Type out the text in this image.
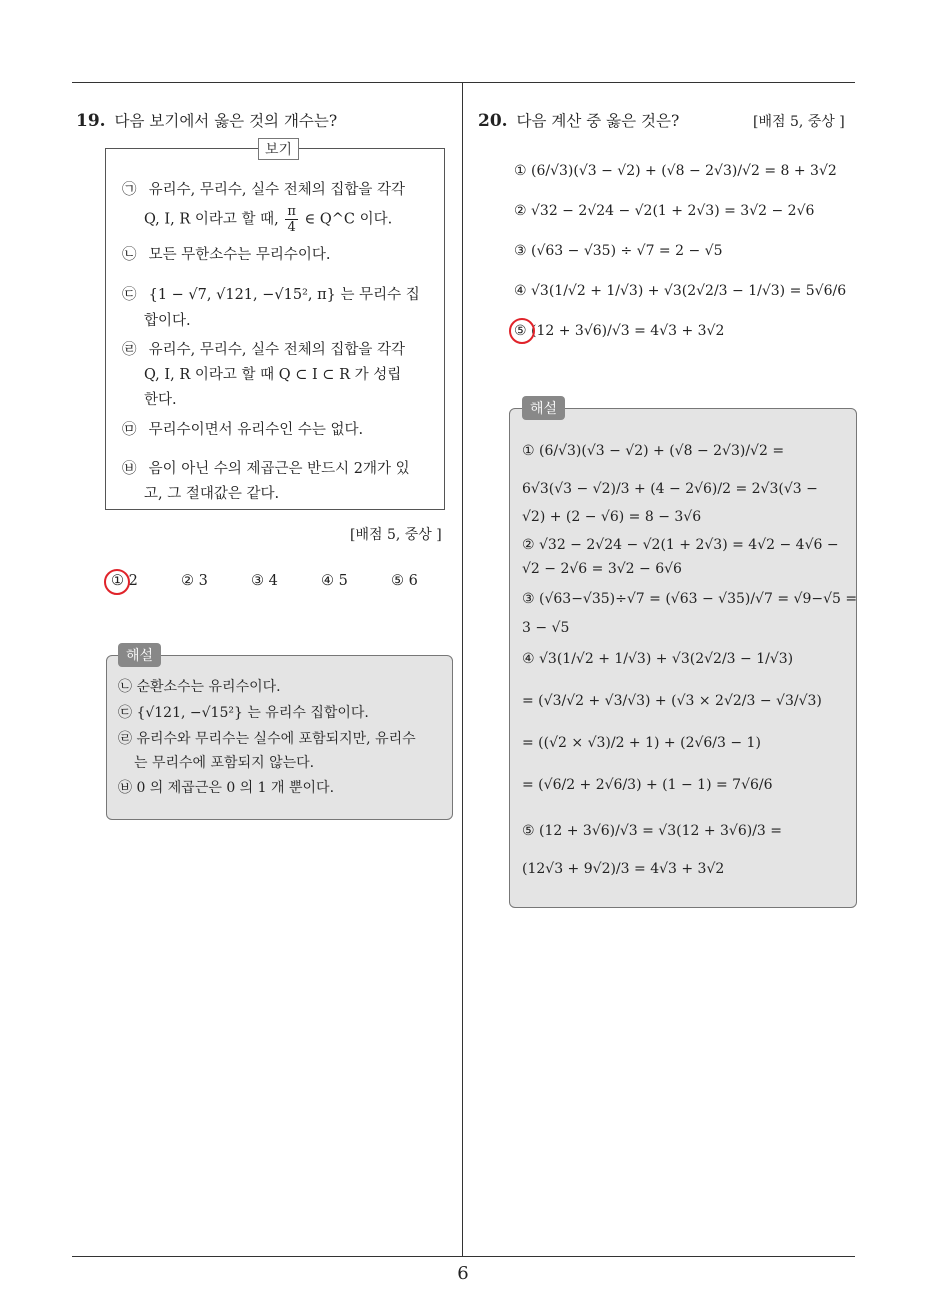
19. 다음 보기에서 옳은 것의 개수는?
보기
㉠ 유리수, 무리수, 실수 전체의 집합을 각각
Q, I, R 이라고 할 때, $\frac{\pi}{4}$ ∈ Q^C 이다.
㉡ 모든 무한소수는 무리수이다.
㉢ {1 − √7, √121, −√15², π} 는 무리수 집
합이다.
㉣ 유리수, 무리수, 실수 전체의 집합을 각각
Q, I, R 이라고 할 때 Q ⊂ I ⊂ R 가 성립
한다.
㉤ 무리수이면서 유리수인 수는 없다.
㉥ 음이 아닌 수의 제곱근은 반드시 2개가 있
고, 그 절대값은 같다.
[배점 5, 중상 ]
① 2	② 3	③ 4	④ 5	⑤ 6
해설
㉡ 순환소수는 유리수이다.
㉢ {√121, −√15²} 는 유리수 집합이다.
㉣ 유리수와 무리수는 실수에 포함되지만, 유리수
는 무리수에 포함되지 않는다.
㉥ 0 의 제곱근은 0 의 1 개 뿐이다.
20. 다음 계산 중 옳은 것은?	[배점 5, 중상 ]
① (6/√3)(√3 − √2) + (√8 − 2√3)/√2 = 8 + 3√2
② √32 − 2√24 − √2(1 + 2√3) = 3√2 − 2√6
③ (√63 − √35) ÷ √7 = 2 − √5
④ √3(1/√2 + 1/√3) + √3(2√2/3 − 1/√3) = 5√6/6
⑤ (12 + 3√6)/√3 = 4√3 + 3√2
해설
① (6/√3)(√3 − √2) + (√8 − 2√3)/√2 =
6√3(√3 − √2)/3 + (4 − 2√6)/2 = 2√3(√3 −
√2) + (2 − √6) = 8 − 3√6
② √32 − 2√24 − √2(1 + 2√3) = 4√2 − 4√6 −
√2 − 2√6 = 3√2 − 6√6
③ (√63−√35)÷√7 = (√63 − √35)/√7 = √9−√5 =
3 − √5
④ √3(1/√2 + 1/√3) + √3(2√2/3 − 1/√3)
= (√3/√2 + √3/√3) + (√3 × 2√2/3 − √3/√3)
= ((√2 × √3)/2 + 1) + (2√6/3 − 1)
= (√6/2 + 2√6/3) + (1 − 1) = 7√6/6
⑤ (12 + 3√6)/√3 = √3(12 + 3√6)/3 =
(12√3 + 9√2)/3 = 4√3 + 3√2
6
